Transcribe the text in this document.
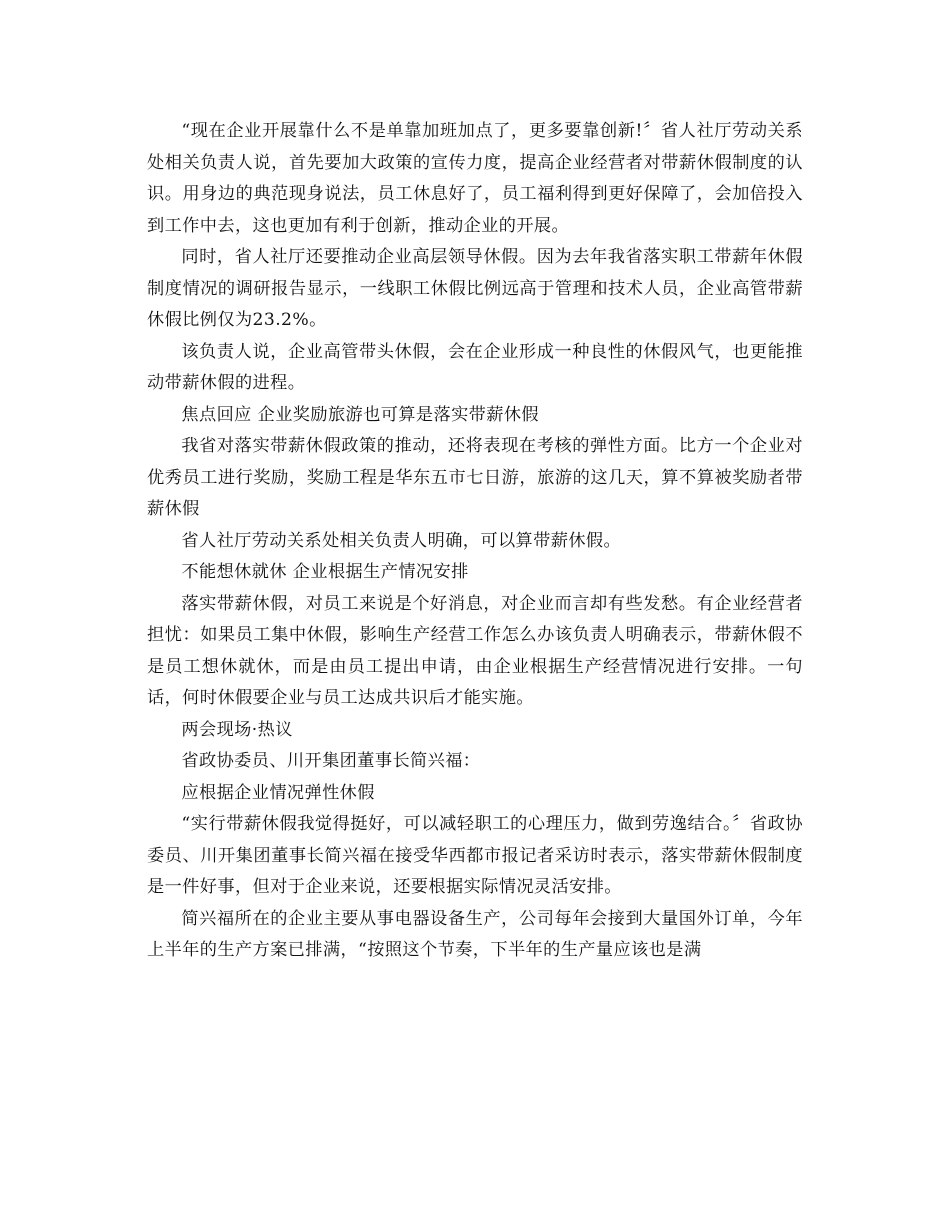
“现在企业开展靠什么不是单靠加班加点了，更多要靠创新!〞省人社厅劳动关系处相关负责人说，首先要加大政策的宣传力度，提高企业经营者对带薪休假制度的认识。用身边的典范现身说法，员工休息好了，员工福利得到更好保障了，会加倍投入到工作中去，这也更加有利于创新，推动企业的开展。

同时，省人社厅还要推动企业高层领导休假。因为去年我省落实职工带薪年休假制度情况的调研报告显示，一线职工休假比例远高于管理和技术人员，企业高管带薪休假比例仅为23.2%。

该负责人说，企业高管带头休假，会在企业形成一种良性的休假风气，也更能推动带薪休假的进程。

焦点回应 企业奖励旅游也可算是落实带薪休假

我省对落实带薪休假政策的推动，还将表现在考核的弹性方面。比方一个企业对优秀员工进行奖励，奖励工程是华东五市七日游，旅游的这几天，算不算被奖励者带薪休假

省人社厅劳动关系处相关负责人明确，可以算带薪休假。

不能想休就休 企业根据生产情况安排

落实带薪休假，对员工来说是个好消息，对企业而言却有些发愁。有企业经营者担忧：如果员工集中休假，影响生产经营工作怎么办该负责人明确表示，带薪休假不是员工想休就休，而是由员工提出申请，由企业根据生产经营情况进行安排。一句话，何时休假要企业与员工达成共识后才能实施。

两会现场·热议

省政协委员、川开集团董事长简兴福：

应根据企业情况弹性休假

“实行带薪休假我觉得挺好，可以减轻职工的心理压力，做到劳逸结合。〞省政协委员、川开集团董事长简兴福在接受华西都市报记者采访时表示，落实带薪休假制度是一件好事，但对于企业来说，还要根据实际情况灵活安排。

简兴福所在的企业主要从事电器设备生产，公司每年会接到大量国外订单，今年上半年的生产方案已排满，“按照这个节奏，下半年的生产量应该也是满
